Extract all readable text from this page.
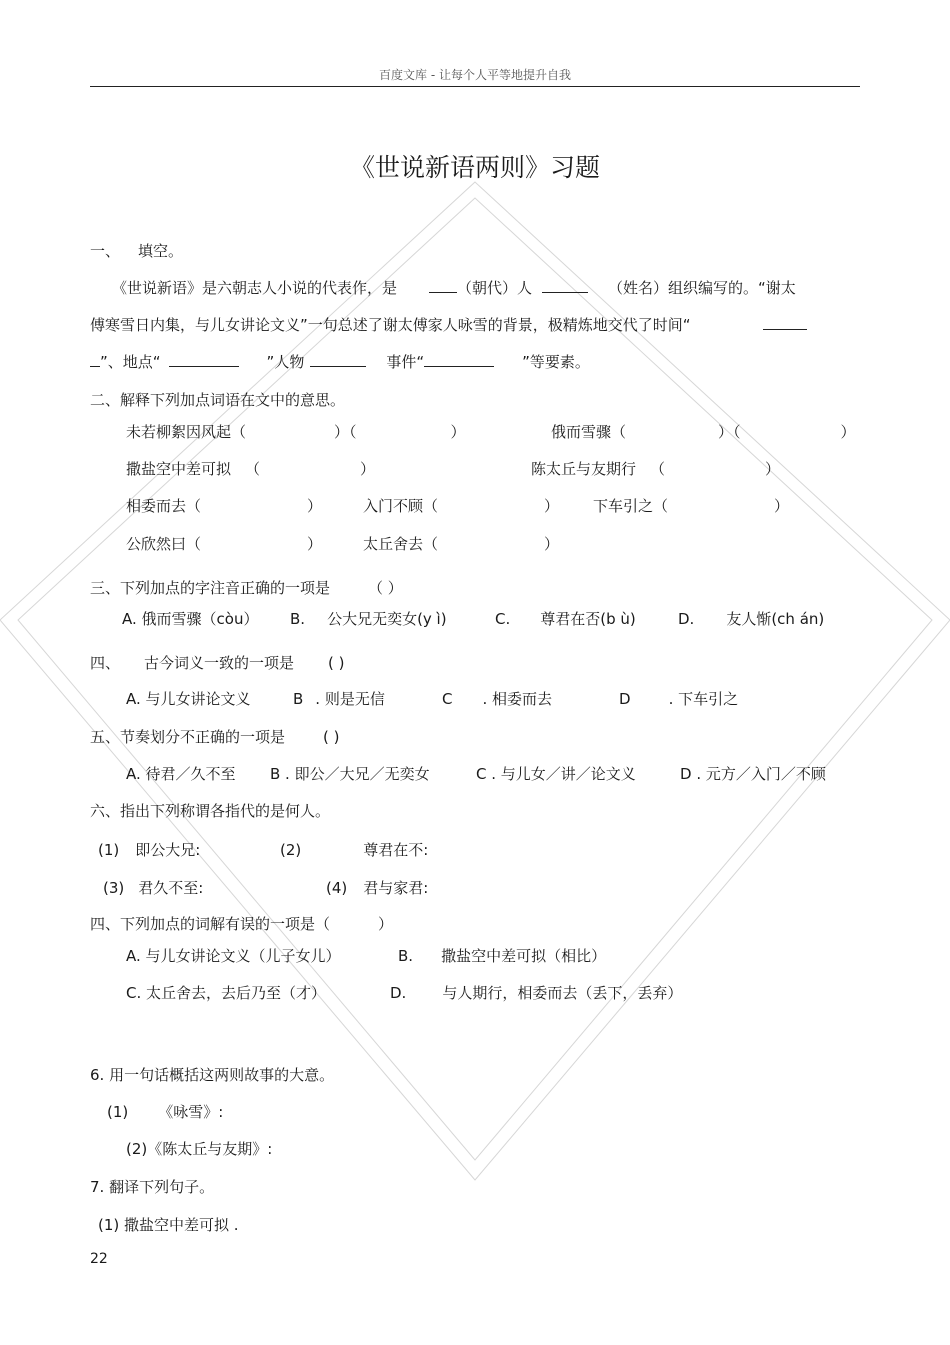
百度文库 - 让每个人平等地提升自我
《世说新语两则》习题
一、 填空。
《世说新语》是六朝志人小说的代表作，是	（朝代）人	（姓名）组织编写的。“谢太
傅寒雪日内集，与儿女讲论文义”一句总述了谢太傅家人咏雪的背景，极精炼地交代了时间“
”、地点“	”人物	事件“	”等要素。
二、解释下列加点词语在文中的意思。
未若柳絮因风起（	）（	）	俄而雪骤（	）（	）
撒盐空中差可拟 （	）	陈太丘与友期行 （	）
相委而去（	）	入门不顾（	） 下车引之（	）
公欣然曰（	）	太丘舍去（	）
三、下列加点的字注音正确的一项是	（ ）
A. 俄而雪骤（còu） B. 公大兄无奕女(y ì)	C. 尊君在否(b ù)	D. 友人惭(ch án)
四、 古今词义一致的一项是 ( )
A. 与儿女讲论文义	B . 则是无信	C . 相委而去	D	. 下车引之
五、节奏划分不正确的一项是	( )
A. 待君／久不至 B . 即公／大兄／无奕女	C . 与儿女／讲／论文义	D . 元方／入门／不顾
六、指出下列称谓各指代的是何人。
(1) 即公大兄:	(2)	尊君在不:
(3) 君久不至:	(4) 君与家君:
四、下列加点的词解有误的一项是（	）
A. 与儿女讲论文义（儿子女儿）	B. 撒盐空中差可拟（相比）
C. 太丘舍去，去后乃至（才）	D. 与人期行，相委而去（丢下，丢弃）
6. 用一句话概括这两则故事的大意。
(1) 《咏雪》:
(2)《陈太丘与友期》:
7. 翻译下列句子。
(1) 撒盐空中差可拟 .
22
